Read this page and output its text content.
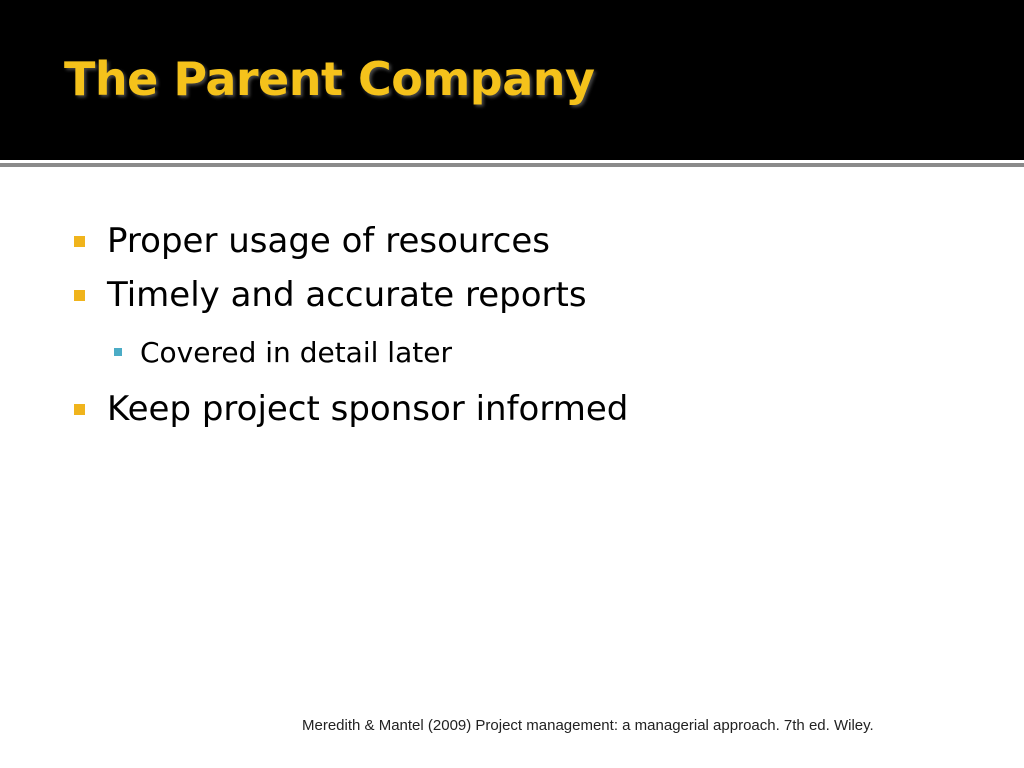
The Parent Company
Proper usage of resources
Timely and accurate reports
Covered in detail later
Keep project sponsor informed
Meredith & Mantel (2009) Project management: a managerial approach. 7th ed. Wiley.
